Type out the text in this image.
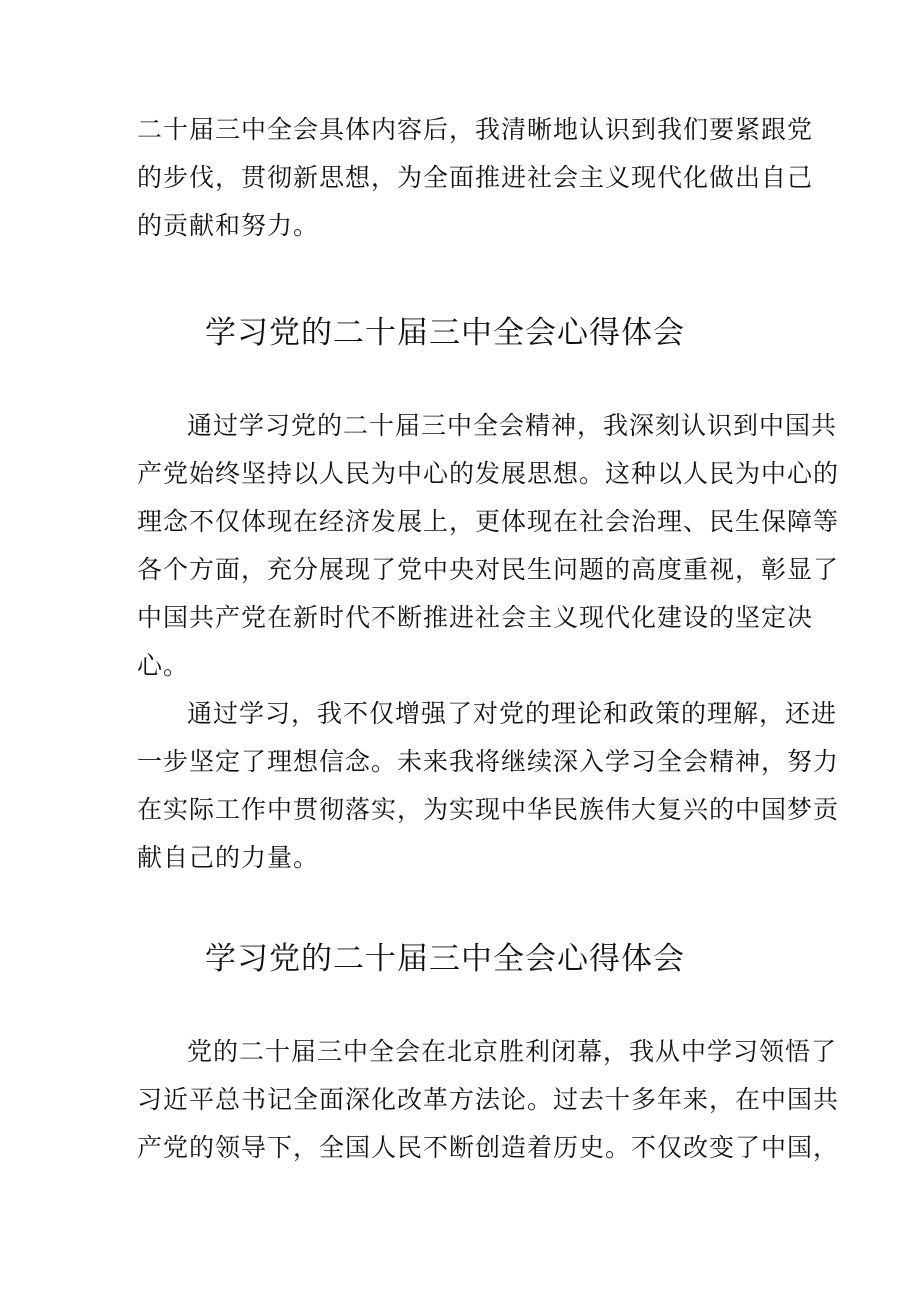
二十届三中全会具体内容后，我清晰地认识到我们要紧跟党
的步伐，贯彻新思想，为全面推进社会主义现代化做出自己
的贡献和努力。
学习党的二十届三中全会心得体会
通过学习党的二十届三中全会精神，我深刻认识到中国共
产党始终坚持以人民为中心的发展思想。这种以人民为中心的
理念不仅体现在经济发展上，更体现在社会治理、民生保障等
各个方面，充分展现了党中央对民生问题的高度重视，彰显了
中国共产党在新时代不断推进社会主义现代化建设的坚定决
心。
通过学习，我不仅增强了对党的理论和政策的理解，还进
一步坚定了理想信念。未来我将继续深入学习全会精神，努力
在实际工作中贯彻落实，为实现中华民族伟大复兴的中国梦贡
献自己的力量。
学习党的二十届三中全会心得体会
党的二十届三中全会在北京胜利闭幕，我从中学习领悟了
习近平总书记全面深化改革方法论。过去十多年来，在中国共
产党的领导下，全国人民不断创造着历史。不仅改变了中国，
